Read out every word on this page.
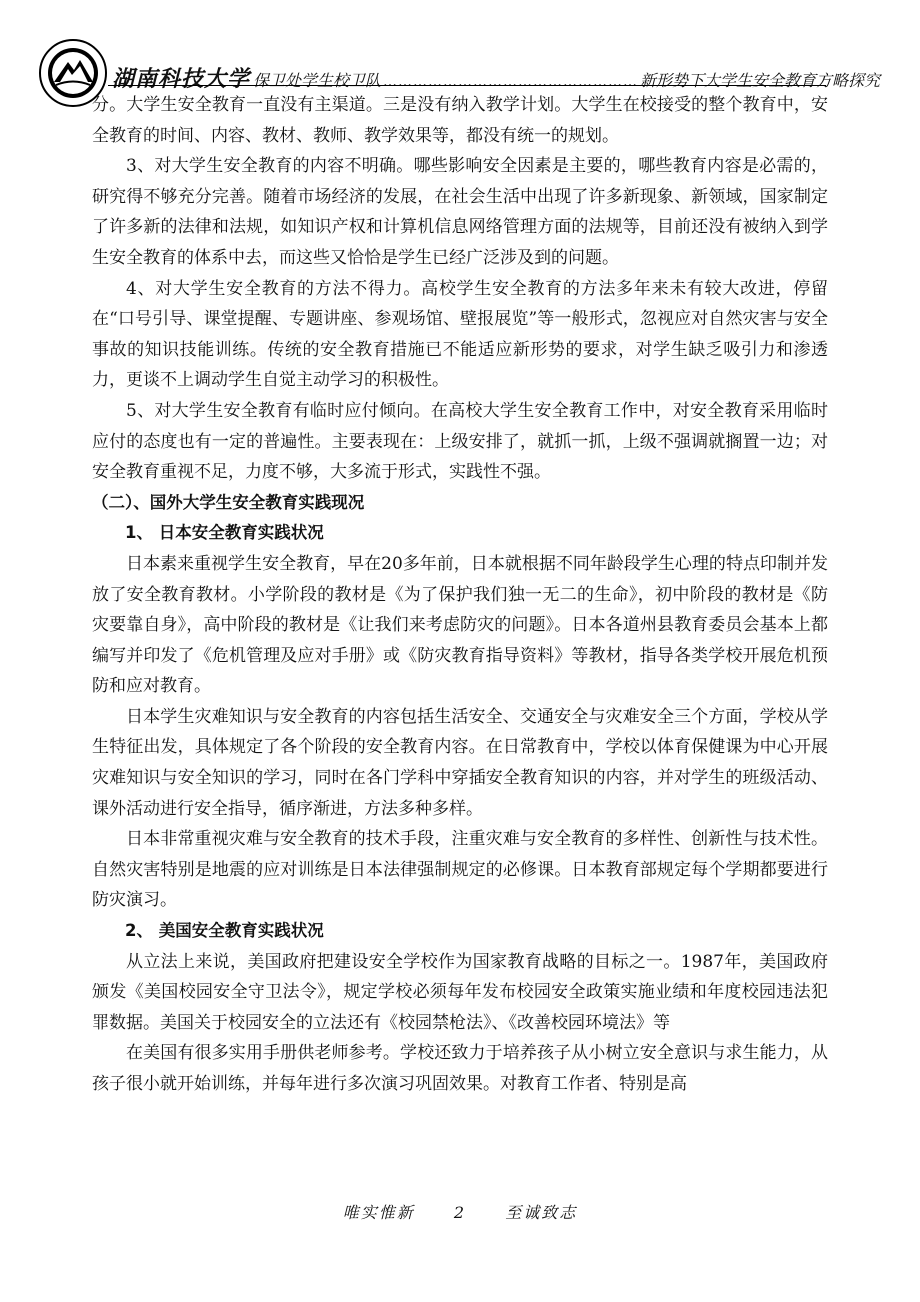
湖南科技大学 保卫处学生校卫队 …………………………………………… 新形势下大学生安全教育方略探究

分。大学生安全教育一直没有主渠道。三是没有纳入教学计划。大学生在校接受的整个教育中，安全教育的时间、内容、教材、教师、教学效果等，都没有统一的规划。

3、对大学生安全教育的内容不明确。哪些影响安全因素是主要的，哪些教育内容是必需的，研究得不够充分完善。随着市场经济的发展，在社会生活中出现了许多新现象、新领域，国家制定了许多新的法律和法规，如知识产权和计算机信息网络管理方面的法规等，目前还没有被纳入到学生安全教育的体系中去，而这些又恰恰是学生已经广泛涉及到的问题。

4、对大学生安全教育的方法不得力。高校学生安全教育的方法多年来未有较大改进，停留在“口号引导、课堂提醒、专题讲座、参观场馆、壁报展览”等一般形式，忽视应对自然灾害与安全事故的知识技能训练。传统的安全教育措施已不能适应新形势的要求，对学生缺乏吸引力和渗透力，更谈不上调动学生自觉主动学习的积极性。

5、对大学生安全教育有临时应付倾向。在高校大学生安全教育工作中，对安全教育采用临时应付的态度也有一定的普遍性。主要表现在：上级安排了，就抓一抓，上级不强调就搁置一边；对安全教育重视不足，力度不够，大多流于形式，实践性不强。

（二）、国外大学生安全教育实践现况

1、 日本安全教育实践状况

日本素来重视学生安全教育，早在20多年前，日本就根据不同年龄段学生心理的特点印制并发放了安全教育教材。小学阶段的教材是《为了保护我们独一无二的生命》，初中阶段的教材是《防灾要靠自身》，高中阶段的教材是《让我们来考虑防灾的问题》。日本各道州县教育委员会基本上都编写并印发了《危机管理及应对手册》或《防灾教育指导资料》等教材，指导各类学校开展危机预防和应对教育。

日本学生灾难知识与安全教育的内容包括生活安全、交通安全与灾难安全三个方面，学校从学生特征出发，具体规定了各个阶段的安全教育内容。在日常教育中，学校以体育保健课为中心开展灾难知识与安全知识的学习，同时在各门学科中穿插安全教育知识的内容，并对学生的班级活动、课外活动进行安全指导，循序渐进，方法多种多样。

日本非常重视灾难与安全教育的技术手段，注重灾难与安全教育的多样性、创新性与技术性。自然灾害特别是地震的应对训练是日本法律强制规定的必修课。日本教育部规定每个学期都要进行防灾演习。

2、 美国安全教育实践状况

从立法上来说，美国政府把建设安全学校作为国家教育战略的目标之一。1987年，美国政府颁发《美国校园安全守卫法令》，规定学校必须每年发布校园安全政策实施业绩和年度校园违法犯罪数据。美国关于校园安全的立法还有《校园禁枪法》、《改善校园环境法》等

在美国有很多实用手册供老师参考。学校还致力于培养孩子从小树立安全意识与求生能力，从孩子很小就开始训练，并每年进行多次演习巩固效果。对教育工作者、特别是高

唯实惟新 2 至诚致志
